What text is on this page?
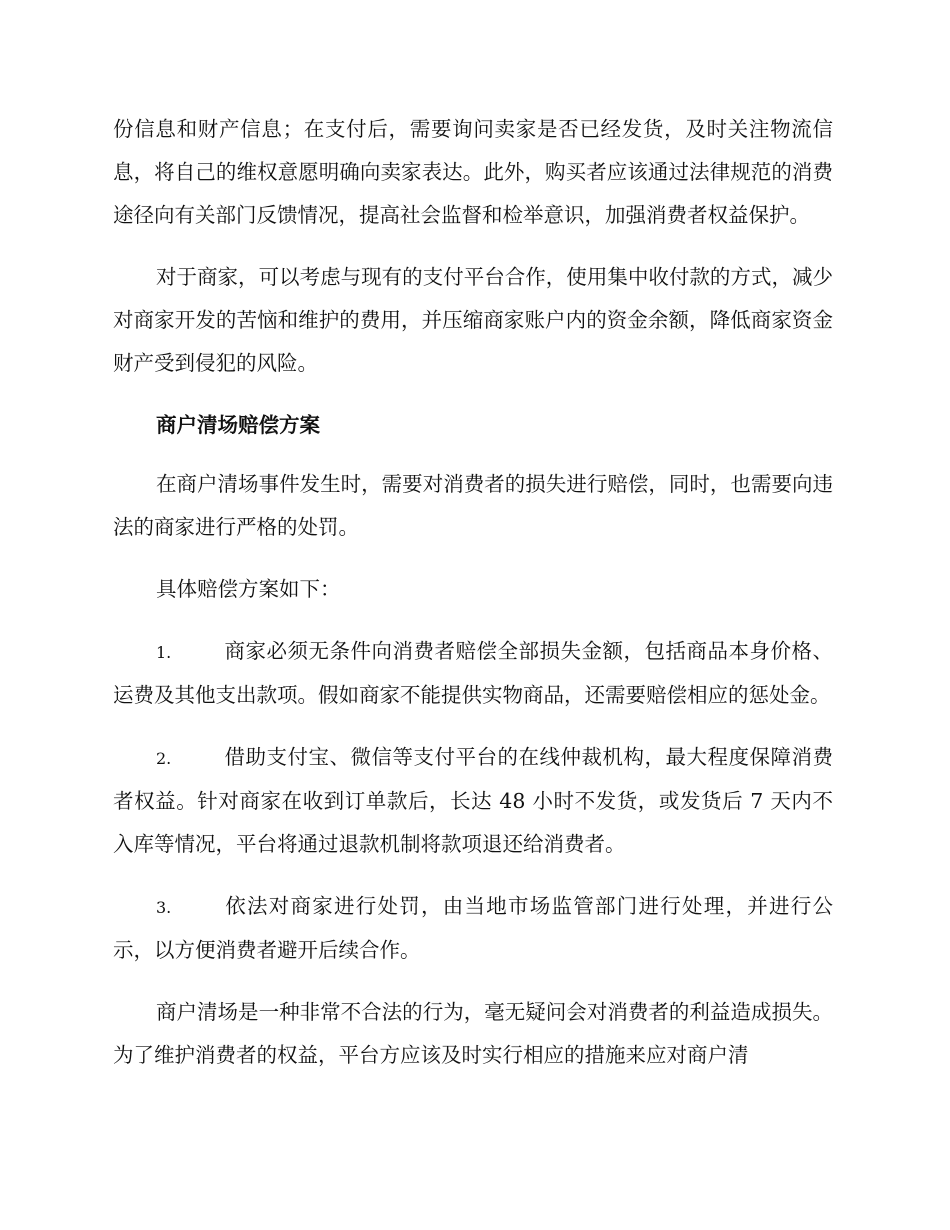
份信息和财产信息；在支付后，需要询问卖家是否已经发货，及时关注物流信息，将自己的维权意愿明确向卖家表达。此外，购买者应该通过法律规范的消费途径向有关部门反馈情况，提高社会监督和检举意识，加强消费者权益保护。

对于商家，可以考虑与现有的支付平台合作，使用集中收付款的方式，减少对商家开发的苦恼和维护的费用，并压缩商家账户内的资金余额，降低商家资金财产受到侵犯的风险。

商户清场赔偿方案

在商户清场事件发生时，需要对消费者的损失进行赔偿，同时，也需要向违法的商家进行严格的处罚。

具体赔偿方案如下：

1.	商家必须无条件向消费者赔偿全部损失金额，包括商品本身价格、运费及其他支出款项。假如商家不能提供实物商品，还需要赔偿相应的惩处金。

2.	借助支付宝、微信等支付平台的在线仲裁机构，最大程度保障消费者权益。针对商家在收到订单款后，长达 48 小时不发货，或发货后 7 天内不入库等情况，平台将通过退款机制将款项退还给消费者。

3.	依法对商家进行处罚，由当地市场监管部门进行处理，并进行公示，以方便消费者避开后续合作。

商户清场是一种非常不合法的行为，毫无疑问会对消费者的利益造成损失。为了维护消费者的权益，平台方应该及时实行相应的措施来应对商户清
